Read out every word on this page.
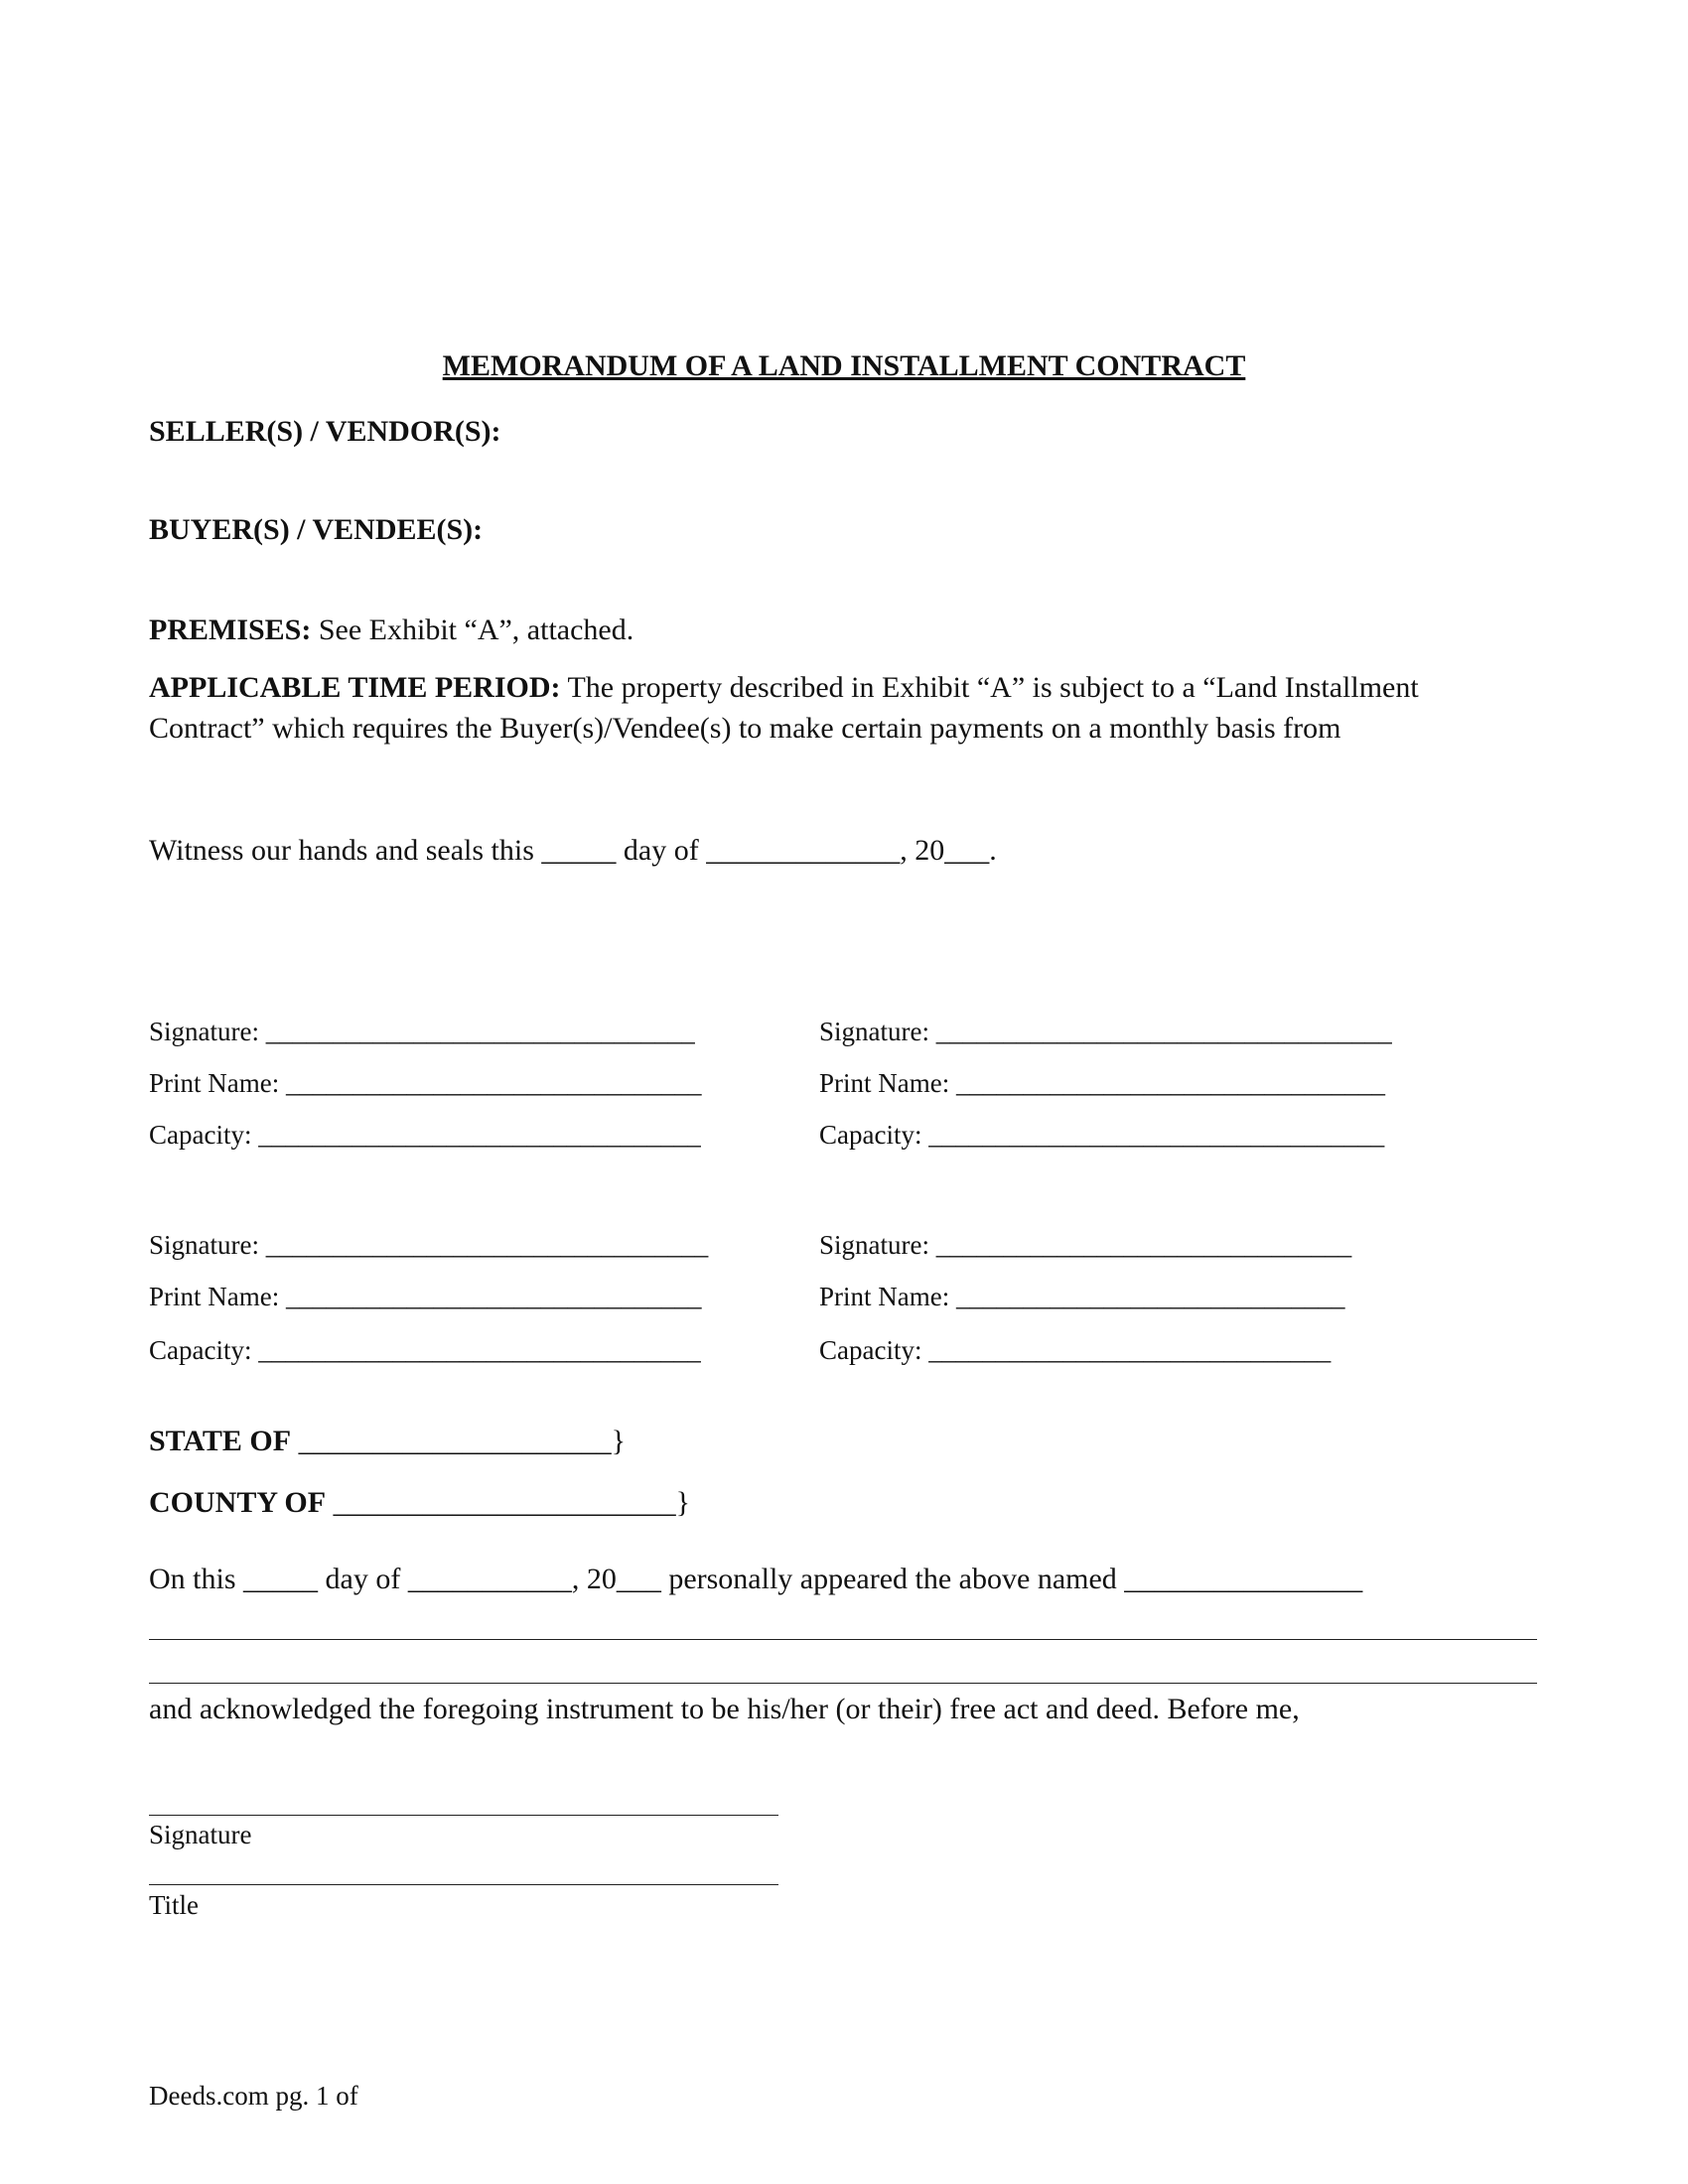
MEMORANDUM OF A LAND INSTALLMENT CONTRACT
SELLER(S) / VENDOR(S):
BUYER(S) / VENDEE(S):
PREMISES: See Exhibit “A”, attached.
APPLICABLE TIME PERIOD: The property described in Exhibit “A” is subject to a “Land Installment Contract” which requires the Buyer(s)/Vendee(s) to make certain payments on a monthly basis from
Witness our hands and seals this _____ day of _____________, 20___.
Signature: ________________________________
Print Name: _______________________________
Capacity: _________________________________
Signature: __________________________________
Print Name: ________________________________
Capacity: __________________________________
Signature: _________________________________
Print Name: _______________________________
Capacity: _________________________________
Signature: _______________________________
Print Name: _____________________________
Capacity: ______________________________
STATE OF _____________________}
COUNTY OF _______________________}
On this _____ day of ___________, 20___ personally appeared the above named ________________
and acknowledged the foregoing instrument to be his/her (or their) free act and deed. Before me,
Signature
Title
Deeds.com pg. 1 of
